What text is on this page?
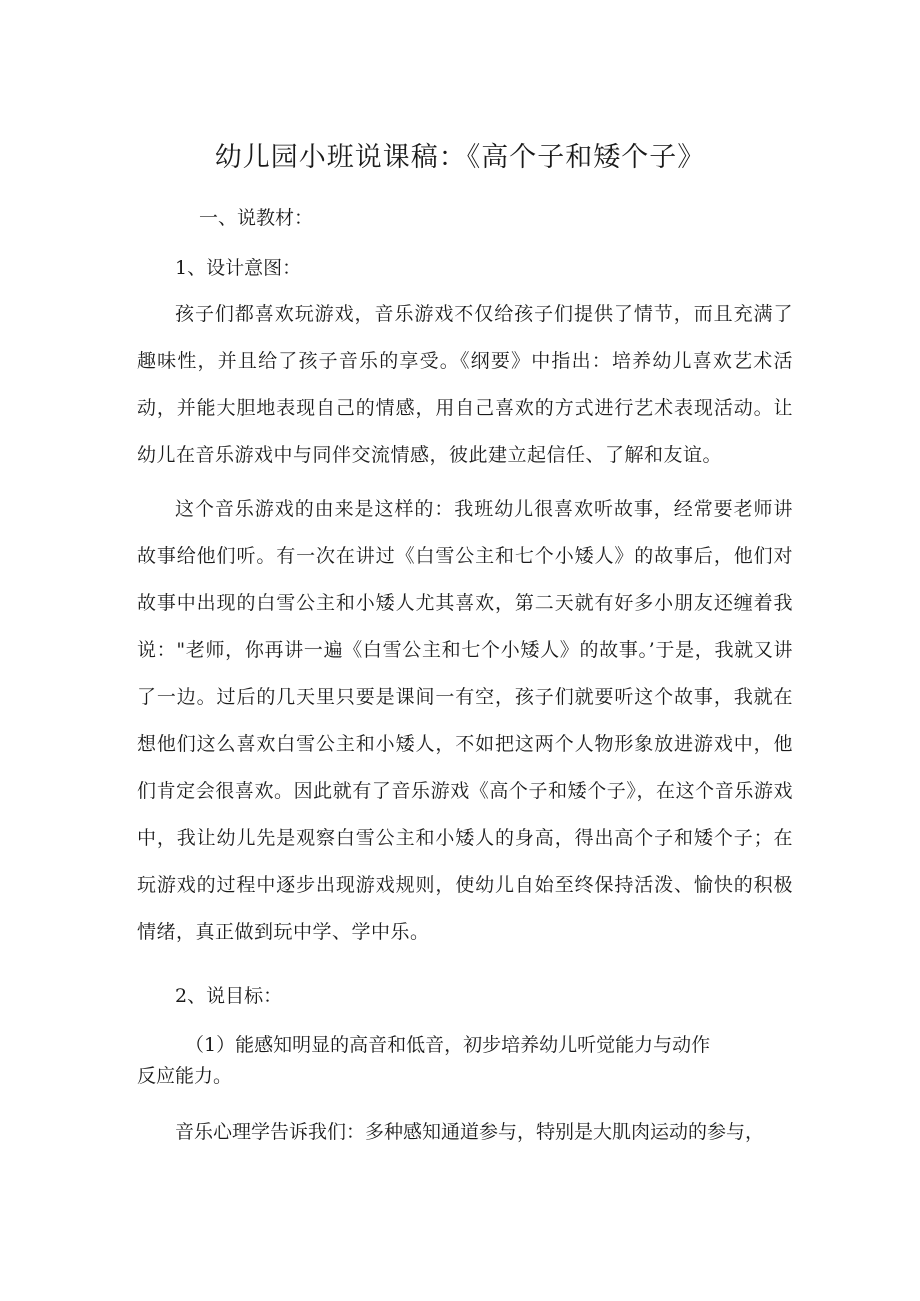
幼儿园小班说课稿：《高个子和矮个子》

一、说教材：

1、设计意图：

孩子们都喜欢玩游戏，音乐游戏不仅给孩子们提供了情节，而且充满了趣味性，并且给了孩子音乐的享受。《纲要》中指出：培养幼儿喜欢艺术活动，并能大胆地表现自己的情感，用自己喜欢的方式进行艺术表现活动。让幼儿在音乐游戏中与同伴交流情感，彼此建立起信任、了解和友谊。

这个音乐游戏的由来是这样的：我班幼儿很喜欢听故事，经常要老师讲故事给他们听。有一次在讲过《白雪公主和七个小矮人》的故事后，他们对故事中出现的白雪公主和小矮人尤其喜欢，第二天就有好多小朋友还缠着我说："老师，你再讲一遍《白雪公主和七个小矮人》的故事。’于是，我就又讲了一边。过后的几天里只要是课间一有空，孩子们就要听这个故事，我就在想他们这么喜欢白雪公主和小矮人，不如把这两个人物形象放进游戏中，他们肯定会很喜欢。因此就有了音乐游戏《高个子和矮个子》，在这个音乐游戏中，我让幼儿先是观察白雪公主和小矮人的身高，得出高个子和矮个子；在玩游戏的过程中逐步出现游戏规则，使幼儿自始至终保持活泼、愉快的积极情绪，真正做到玩中学、学中乐。

2、说目标：

（1）能感知明显的高音和低音，初步培养幼儿听觉能力与动作
反应能力。

音乐心理学告诉我们：多种感知通道参与，特别是大肌肉运动的参与，
